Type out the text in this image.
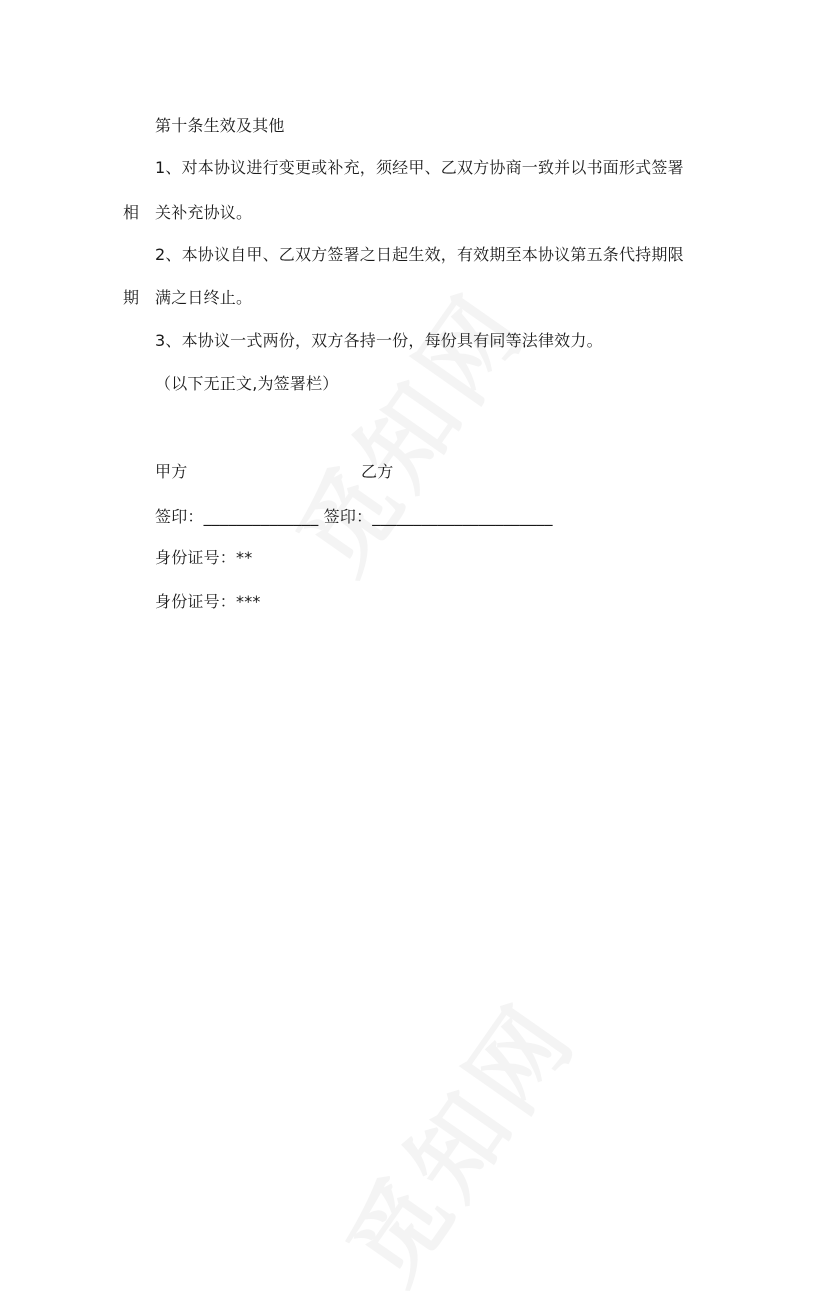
第十条生效及其他
1、对本协议进行变更或补充，须经甲、乙双方协商一致并以书面形式签署
相 关补充协议。
2、本协议自甲、乙双方签署之日起生效，有效期至本协议第五条代持期限
期 满之日终止。
3、本协议一式两份，双方各持一份，每份具有同等法律效力。
（以下无正文,为签署栏）
甲方	乙方
签印：______________ 签印：______________________
身份证号：**
身份证号：***
